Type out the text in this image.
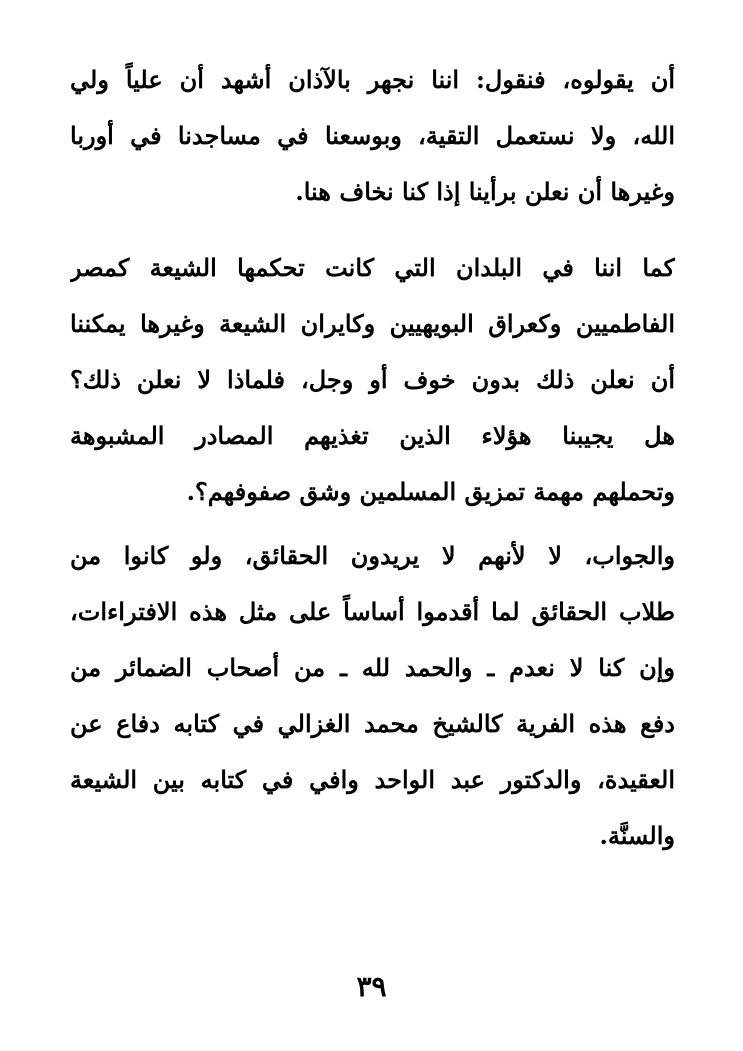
أن يقولوه، فنقول: اننا نجهر بالآذان أشهد أن علياً ولي
الله، ولا نستعمل التقية، وبوسعنا في مساجدنا في أوربا
وغيرها أن نعلن برأينا إذا كنا نخاف هنا.
كما اننا في البلدان التي كانت تحكمها الشيعة كمصر
الفاطميين وكعراق البويهيين وكايران الشيعة وغيرها يمكننا
أن نعلن ذلك بدون خوف أو وجل، فلماذا لا نعلن ذلك؟
هل يجيبنا هؤلاء الذين تغذيهم المصادر المشبوهة
وتحملهم مهمة تمزيق المسلمين وشق صفوفهم؟.
والجواب، لا لأنهم لا يريدون الحقائق، ولو كانوا من
طلاب الحقائق لما أقدموا أساساً على مثل هذه الافتراءات،
وإن كنا لا نعدم ـ والحمد لله ـ من أصحاب الضمائر من
دفع هذه الفرية كالشيخ محمد الغزالي في كتابه دفاع عن
العقيدة، والدكتور عبد الواحد وافي في كتابه بين الشيعة
والسنَّة.
٣٩
